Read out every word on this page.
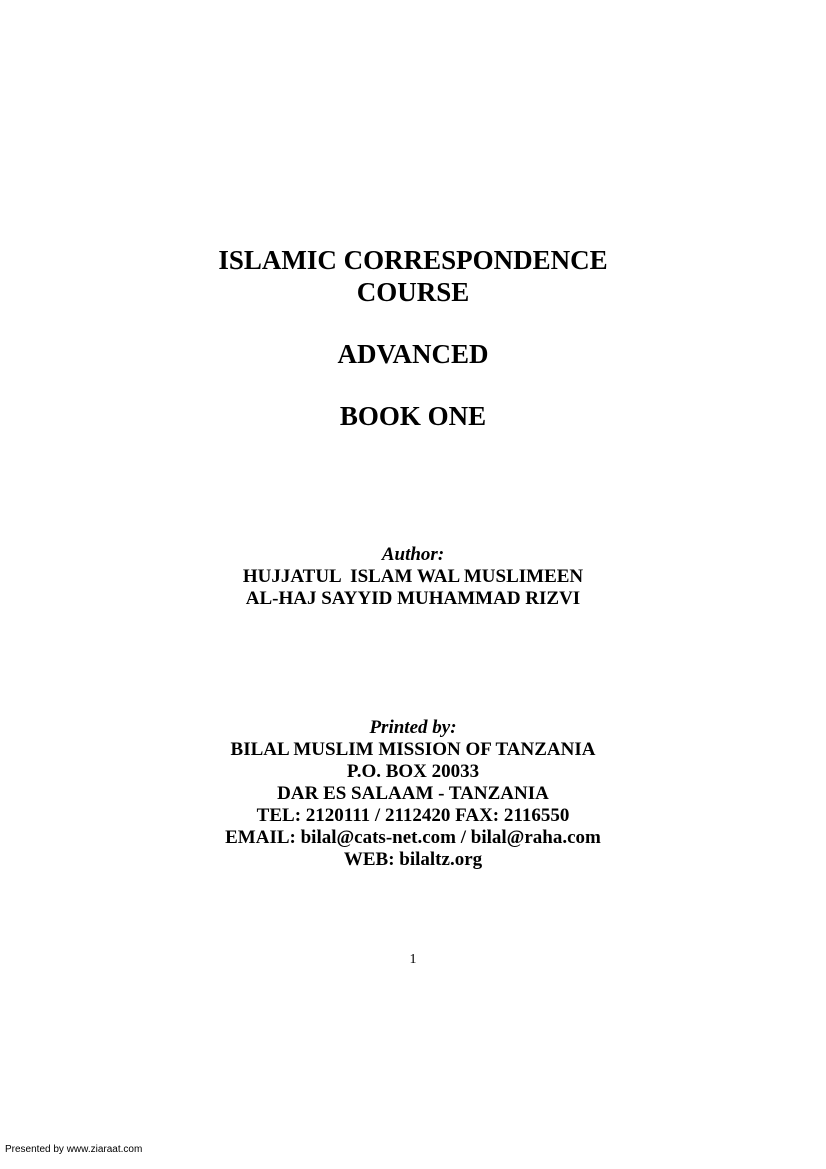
ISLAMIC CORRESPONDENCE
COURSE
ADVANCED
BOOK ONE
Author:
HUJJATUL  ISLAM WAL MUSLIMEEN
AL-HAJ SAYYID MUHAMMAD RIZVI
Printed by:
BILAL MUSLIM MISSION OF TANZANIA
P.O. BOX 20033
DAR ES SALAAM - TANZANIA
TEL: 2120111 / 2112420 FAX: 2116550
EMAIL: bilal@cats-net.com / bilal@raha.com
WEB: bilaltz.org
1
Presented by www.ziaraat.com
